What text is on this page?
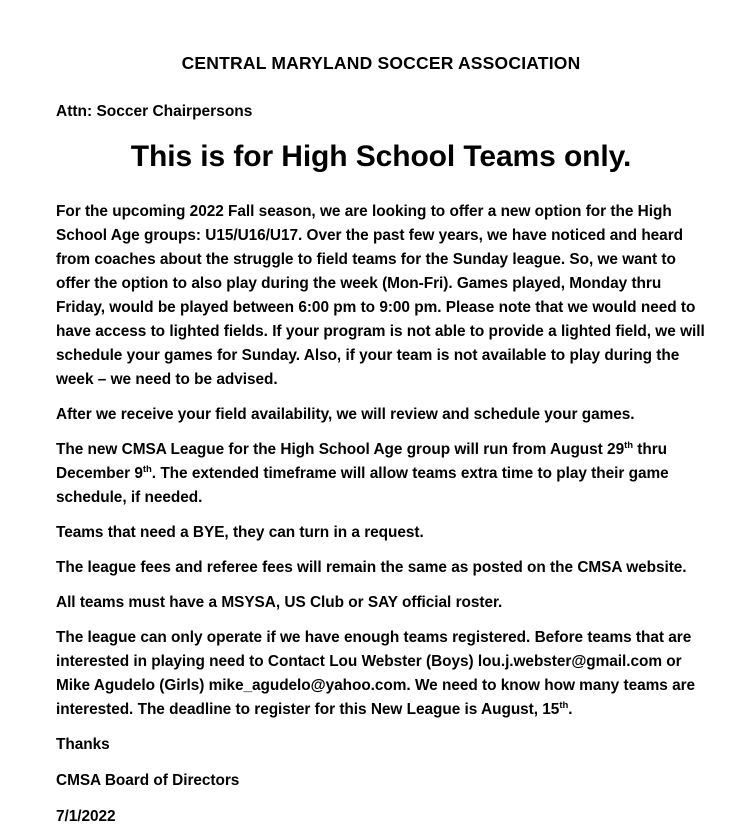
CENTRAL MARYLAND SOCCER ASSOCIATION
Attn: Soccer Chairpersons
This is for High School Teams only.

For the upcoming 2022 Fall season, we are looking to offer a new option for the High School Age groups: U15/U16/U17. Over the past few years, we have noticed and heard from coaches about the struggle to field teams for the Sunday league. So, we want to offer the option to also play during the week (Mon-Fri). Games played, Monday thru Friday, would be played between 6:00 pm to 9:00 pm. Please note that we would need to have access to lighted fields. If your program is not able to provide a lighted field, we will schedule your games for Sunday. Also, if your team is not available to play during the week – we need to be advised.

After we receive your field availability, we will review and schedule your games.

The new CMSA League for the High School Age group will run from August 29th thru December 9th. The extended timeframe will allow teams extra time to play their game schedule, if needed.

Teams that need a BYE, they can turn in a request.

The league fees and referee fees will remain the same as posted on the CMSA website.

All teams must have a MSYSA, US Club or SAY official roster.

The league can only operate if we have enough teams registered. Before teams that are interested in playing need to Contact Lou Webster (Boys) lou.j.webster@gmail.com or Mike Agudelo (Girls) mike_agudelo@yahoo.com. We need to know how many teams are interested. The deadline to register for this New League is August, 15th.

Thanks

CMSA Board of Directors

7/1/2022
